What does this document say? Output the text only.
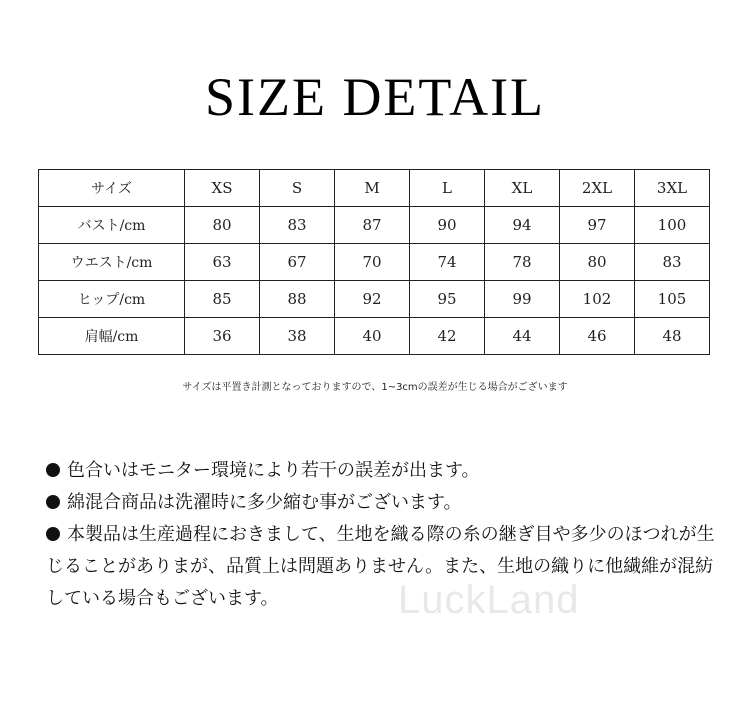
SIZE DETAIL
サイズ	XS	S	M	L	XL	2XL	3XL
バスト/cm	80	83	87	90	94	97	100
ウエスト/cm	63	67	70	74	78	80	83
ヒップ/cm	85	88	92	95	99	102	105
肩幅/cm	36	38	40	42	44	46	48
サイズは平置き計測となっておりますので、1~3cmの誤差が生じる場合がございます

色合いはモニター環境により若干の誤差が出ます。

綿混合商品は洗濯時に多少縮む事がございます。

本製品は生産過程におきまして、生地を織る際の糸の継ぎ目や多少のほつれが生じることがありまが、品質上は問題ありません。また、生地の織りに他繊維が混紡している場合もございます。	LuckLand
